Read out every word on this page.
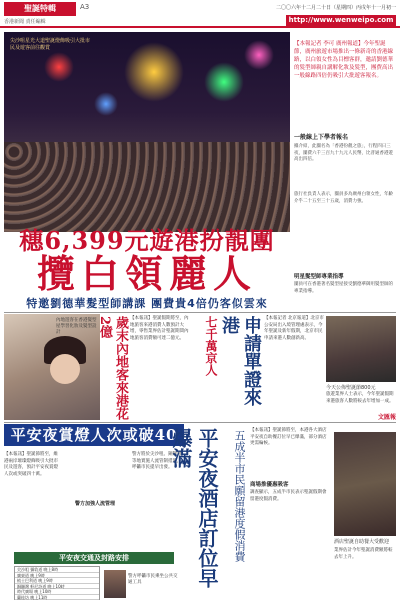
聖誕特輯	A3
香港新聞 責任編輯
二〇〇六年十二月二十日（星期四）丙戌年十一月初一
http://www.wenweipo.com
尖沙咀星光大道聖誕燈飾吸引大批市民及遊客前往觀賞
穗6,399元遊港扮靚團
攬白領麗人
特邀劉德華髮型師講課 團費貴4倍仍客似雲來
【本報記者 李可 廣州報道】今年聖誕節，廣州旅遊市場推出一條新奇的香港線路，以白領女性為目標客群，邀請劉德華的髮型師親自講解化妝及髮型，團費高出一般線路四倍仍吸引大批遊客報名。
一般線上下學者報名
據介紹，此團名為「香港扮靚之旅」，行程四日三夜，團費六千三百九十九元人民幣，比普通香港遊高出四倍。
旅行社負責人表示，團員多為廣州白領女性，年齡介乎二十五至三十五歲，消費力強。
明星髮型師專業指導
團員可在香港著名髮型屋接受劉德華御用髮型師的專業指導。
內地遊客在香港髮型屋學習化妝及髮型設計	歲末內地客來港花2億	【本報訊】聖誕假期將至，內地旅客來港消費人數預計大增，零售業界估計聖誕期間內地旅客消費額可達二億元。	七千萬京人	申請單證來港	【本報記者 北京報道】北京市公安局出入境管理處表示，今年聖誕及新年假期，北京市民申請來港人數創新高。
今天公佈聖誕節800元
旅遊業界人士表示，今年聖誕假期來港旅客人數將較去年增加一成。
文匯報
平安夜賞燈人次或破40萬
【本報訊】聖誕節將至，維港兩岸璀璨燈飾吸引大批市民及遊客，預計平安夜賞燈人次或突破四十萬。
警方加強人流管理
警方將於尖沙咀、銅鑼灣等地實施人流管制措施，呼籲市民提早出發。
平安夜交通及封路安排
尖沙咀 彌敦道 晚上8時
廣東道 晚上9時
梳士巴利道 晚上9時
銅鑼灣 軒尼詩道 晚上10時
時代廣場 晚上10時
蘭桂坊 晚上11時
警方呼籲市民乘坐公共交通工具	平安夜酒店訂位早爆滿	五成半市民願留港度假消費 【本報訊】聖誕節將至，本港各大酒店平安夜自助餐訂位早已爆滿，部分酒店更需輪候。
商場推優惠吸客
調查顯示，五成半市民表示聖誕假期會留港度假消費。
酒店聖誕自助餐大受歡迎
業界估計今年聖誕消費額將較去年上升。
